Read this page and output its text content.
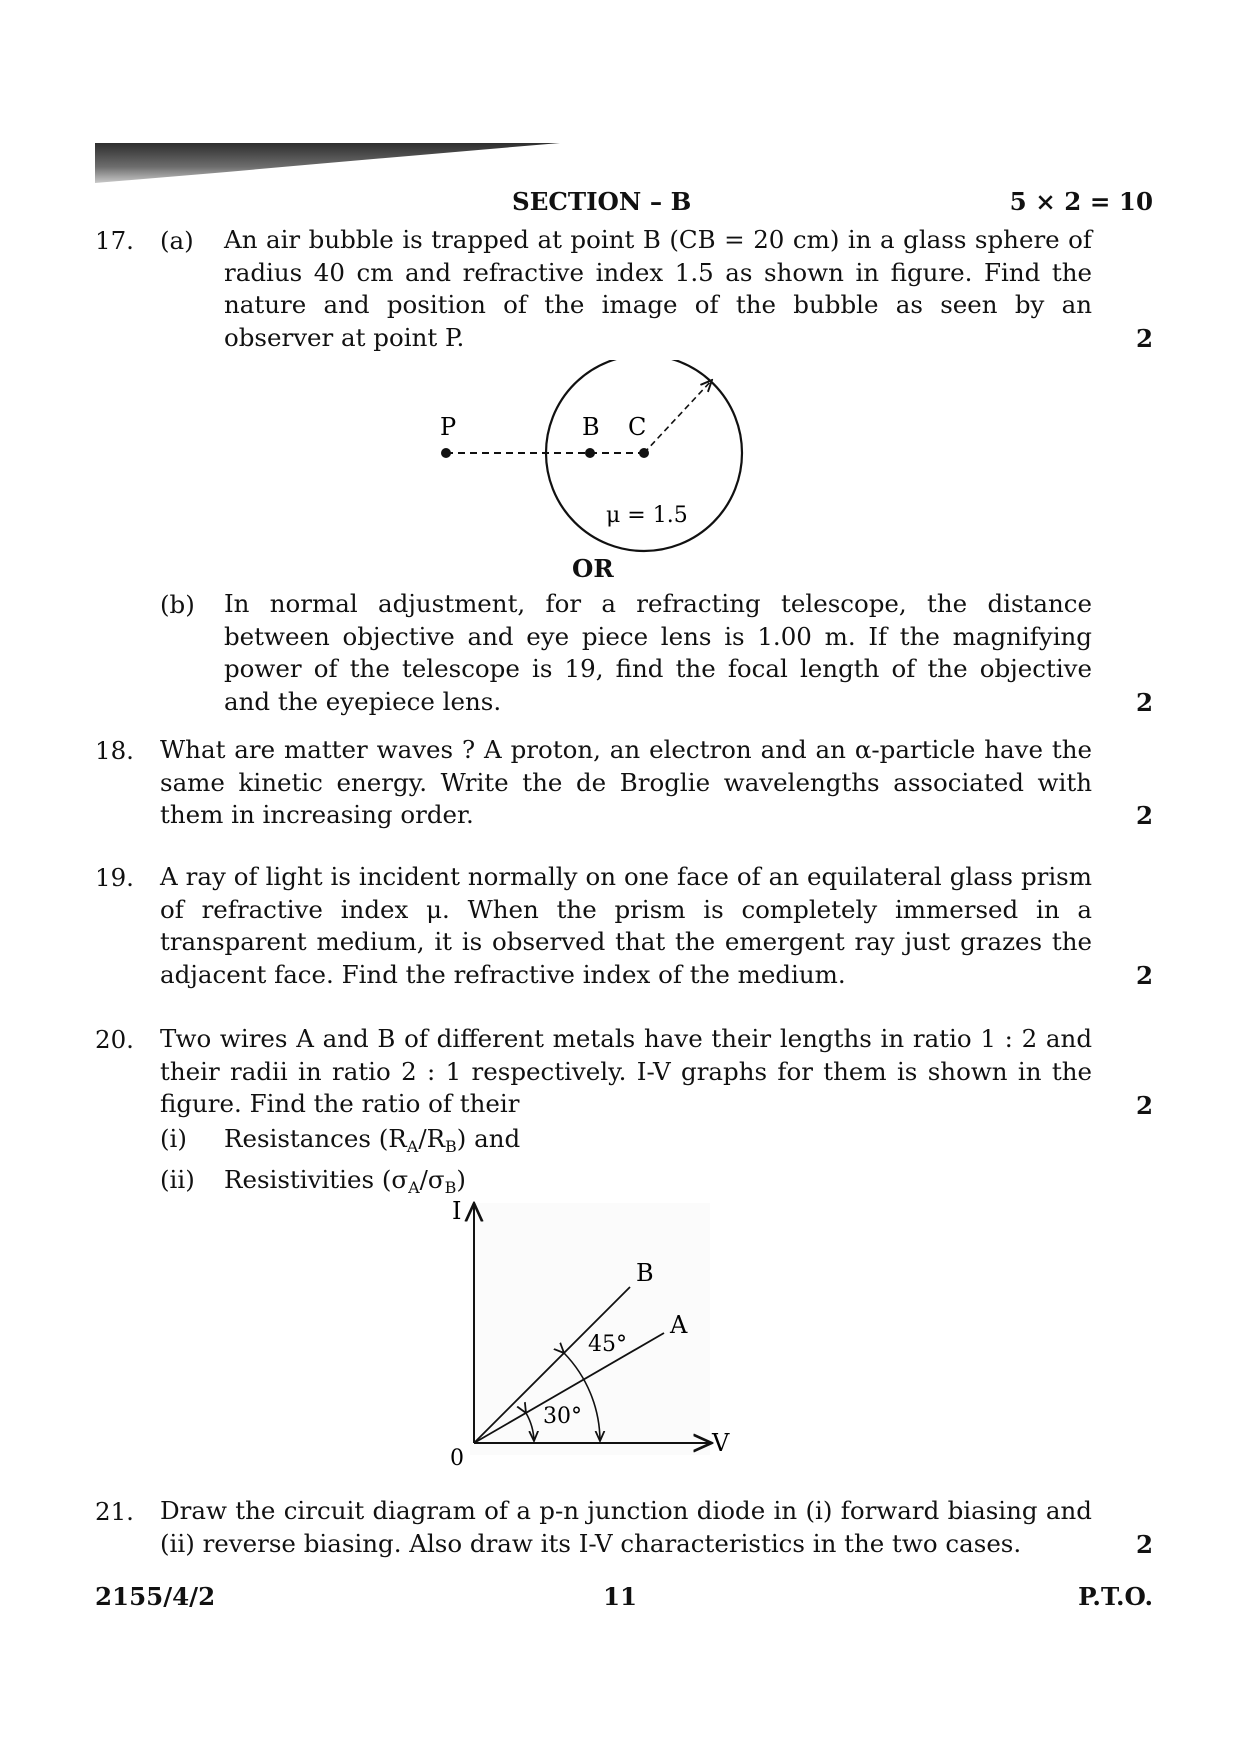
SECTION – B	5 × 2 = 10
17. (a) An air bubble is trapped at point B (CB = 20 cm) in a glass sphere of radius 40 cm and refractive index 1.5 as shown in figure. Find the nature and position of the image of the bubble as seen by an observer at point P.	2
P	B C
μ = 1.5
OR
(b) In normal adjustment, for a refracting telescope, the distance between objective and eye piece lens is 1.00 m. If the magnifying power of the telescope is 19, find the focal length of the objective and the eyepiece lens.	2
18. What are matter waves ? A proton, an electron and an α-particle have the same kinetic energy. Write the de Broglie wavelengths associated with them in increasing order.	2
19. A ray of light is incident normally on one face of an equilateral glass prism of refractive index μ. When the prism is completely immersed in a transparent medium, it is observed that the emergent ray just grazes the adjacent face. Find the refractive index of the medium.	2
20. Two wires A and B of different metals have their lengths in ratio 1 : 2 and their radii in ratio 2 : 1 respectively. I-V graphs for them is shown in the figure. Find the ratio of their	2
(i) Resistances $(R_A/R_B)$ and
(ii) Resistivities $(\sigma_A/\sigma_B)$
I
V
0
B
A
45°
30°
21. Draw the circuit diagram of a p-n junction diode in (i) forward biasing and (ii) reverse biasing. Also draw its I-V characteristics in the two cases.	2
2155/4/2	11	P.T.O.
